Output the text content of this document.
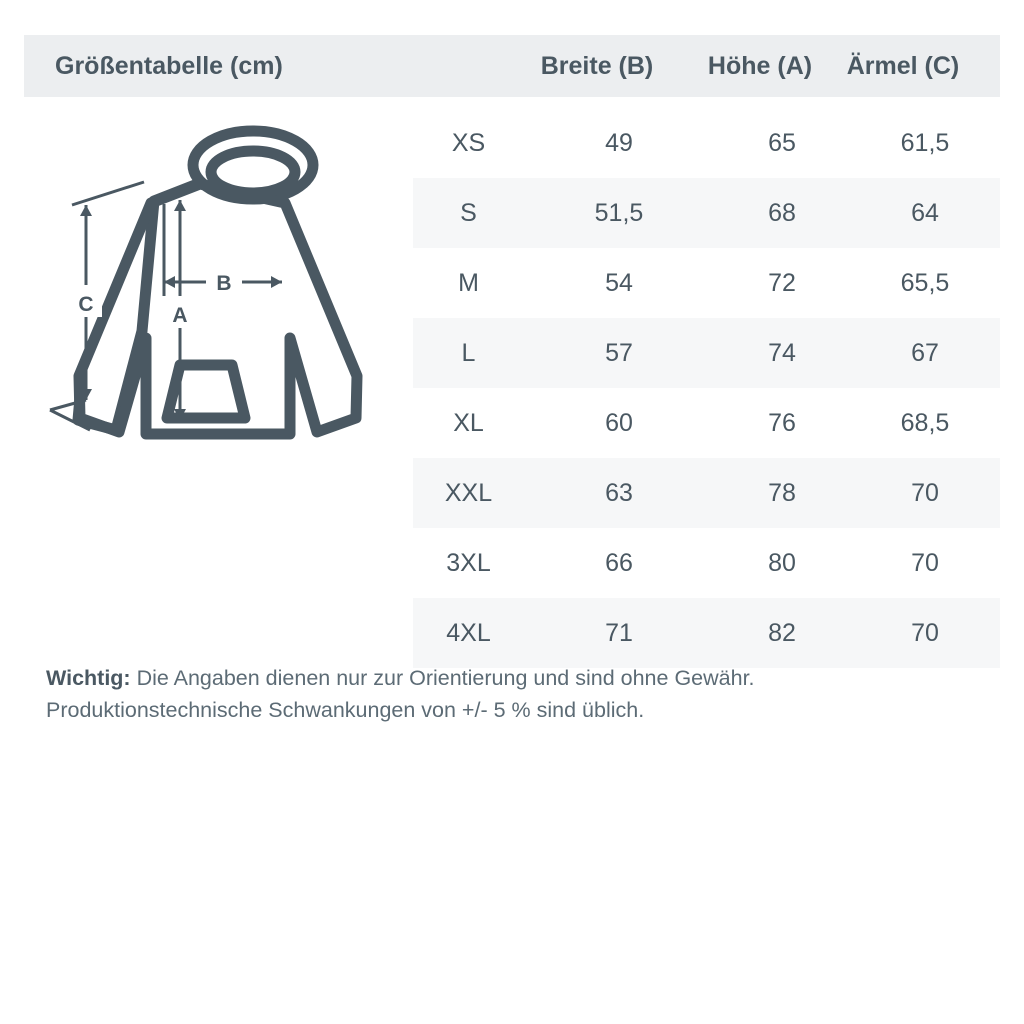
Größentabelle (cm)	Breite (B)	Höhe (A)	Ärmel (C)
B
A
C
XS	49	65	61,5
S	51,5	68	64
M	54	72	65,5
L	57	74	67
XL	60	76	68,5
XXL	63	78	70
3XL	66	80	70
4XL	71	82	70
Wichtig: Die Angaben dienen nur zur Orientierung und sind ohne Gewähr.
Produktionstechnische Schwankungen von +/- 5 % sind üblich.
